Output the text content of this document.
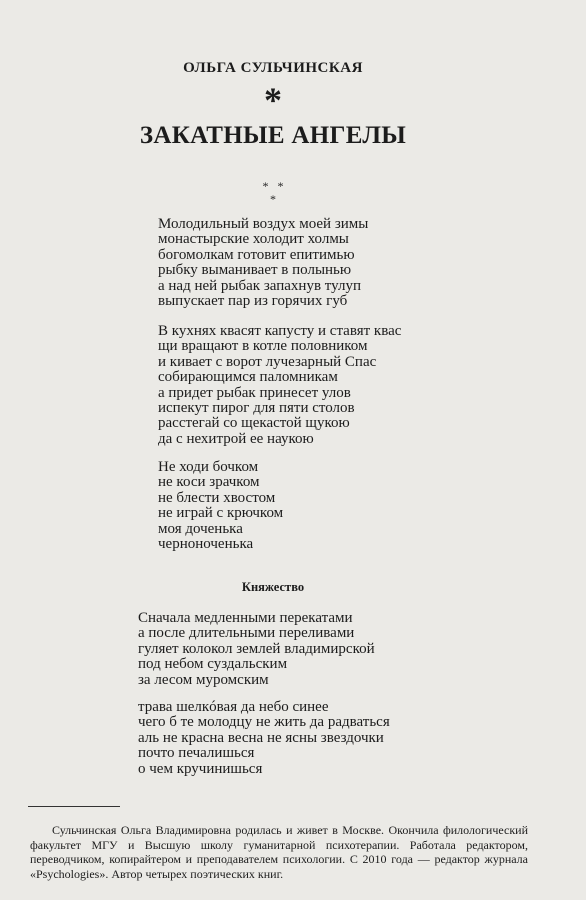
ОЛЬГА СУЛЬЧИНСКАЯ
*
ЗАКАТНЫЕ АНГЕЛЫ
* *
*
Молодильный воздух моей зимы
монастырские холодит холмы
богомолкам готовит епитимью
рыбку выманивает в полынью
а над ней рыбак запахнув тулуп
выпускает пар из горячих губ
В кухнях квасят капусту и ставят квас
щи вращают в котле половником
и кивает с ворот лучезарный Спас
собирающимся паломникам
а придет рыбак принесет улов
испекут пирог для пяти столов
расстегай со щекастой щукою
да с нехитрой ее наукою
Не ходи бочком
не коси зрачком
не блести хвостом
не играй с крючком
моя доченька
черноноченька
Княжество
Сначала медленными перекатами
а после длительными переливами
гуляет колокол землей владимирской
под небом суздальским
за лесом муромским
трава шелкóвая да небо синее
чего б те молодцу не жить да радваться
аль не красна весна не ясны звездочки
почто печалишься
о чем кручинишься
Сульчинская Ольга Владимировна родилась и живет в Москве. Окончила филологический факультет МГУ и Высшую школу гуманитарной психотерапии. Работала редактором, переводчиком, копирайтером и преподавателем психологии. С 2010 года — редактор журнала «Psychologies». Автор четырех поэтических книг.
